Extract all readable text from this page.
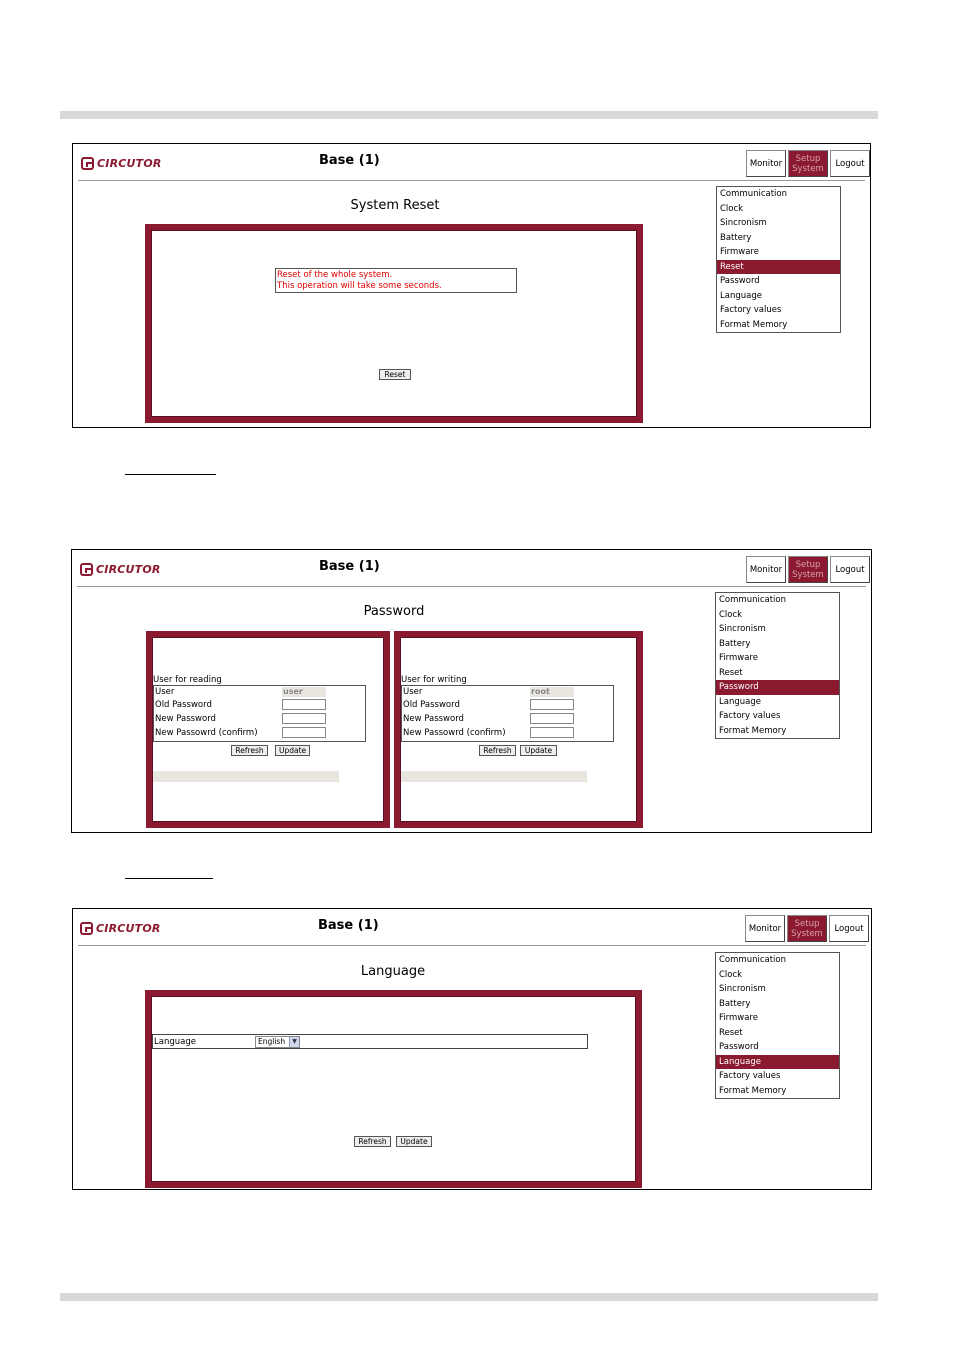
CIRCUTOR	Base (1)	Monitor	Setup System	Logout
System Reset
Reset of the whole system.
This operation will take some seconds.
Reset
Communication
Clock
Sincronism
Battery
Firmware
Reset
Password
Language
Factory values
Format Memory
CIRCUTOR	Base (1)	Monitor	Setup System	Logout
Password
User for reading
User	user
Old Password
New Password
New Passowrd (confirm)
Refresh	Update
User for writing
User	root
Old Password
New Password
New Passowrd (confirm)
Refresh	Update
Communication
Clock
Sincronism
Battery
Firmware
Reset
Password
Language
Factory values
Format Memory
CIRCUTOR	Base (1)	Monitor	Setup System	Logout
Language
Language	English	▼
Refresh	Update
Communication
Clock
Sincronism
Battery
Firmware
Reset
Password
Language
Factory values
Format Memory
